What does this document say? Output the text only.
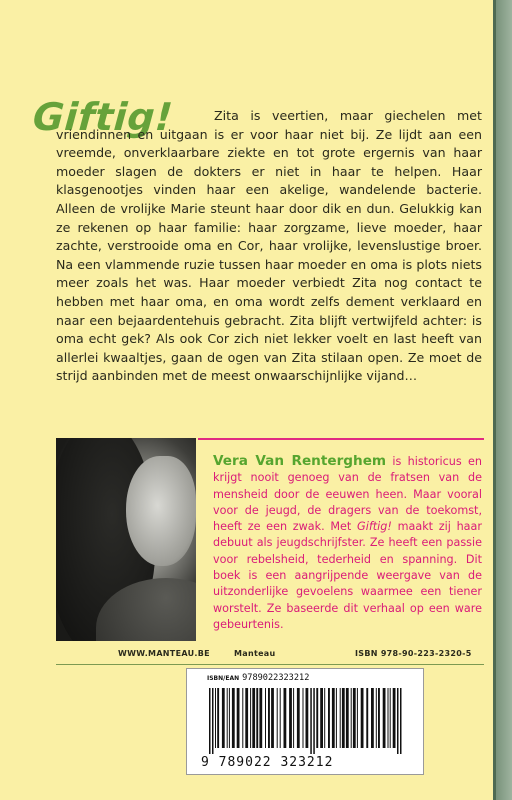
Giftig!	Zita is veertien, maar giechelen met vriendinnen en uitgaan is er voor haar niet bij. Ze lijdt aan een vreemde, onverklaarbare ziekte en tot grote ergernis van haar moeder slagen de dokters er niet in haar te helpen. Haar klasgenootjes vinden haar een akelige, wandelende bacterie. Alleen de vrolijke Marie steunt haar door dik en dun. Gelukkig kan ze rekenen op haar familie: haar zorgzame, lieve moeder, haar zachte, verstrooide oma en Cor, haar vrolijke, levenslustige broer. Na een vlammende ruzie tussen haar moeder en oma is plots niets meer zoals het was. Haar moeder verbiedt Zita nog contact te hebben met haar oma, en oma wordt zelfs dement verklaard en naar een bejaardentehuis gebracht. Zita blijft vertwijfeld achter: is oma echt gek? Als ook Cor zich niet lekker voelt en last heeft van allerlei kwaaltjes, gaan de ogen van Zita stilaan open. Ze moet de strijd aanbinden met de meest onwaarschijnlijke vijand…
Vera Van Renterghem is historicus en krijgt nooit genoeg van de fratsen van de mensheid door de eeuwen heen. Maar vooral voor de jeugd, de dragers van de toekomst, heeft ze een zwak. Met Giftig! maakt zij haar debuut als jeugdschrijfster. Ze heeft een passie voor rebelsheid, tederheid en spanning. Dit boek is een aangrijpende weergave van de uitzonderlijke gevoelens waarmee een tiener worstelt. Ze baseerde dit verhaal op een ware gebeurtenis.
WWW.MANTEAU.BE	Manteau	ISBN 978-90-223-2320-5
ISBN/EAN 9789022323212
9 789022 323212
